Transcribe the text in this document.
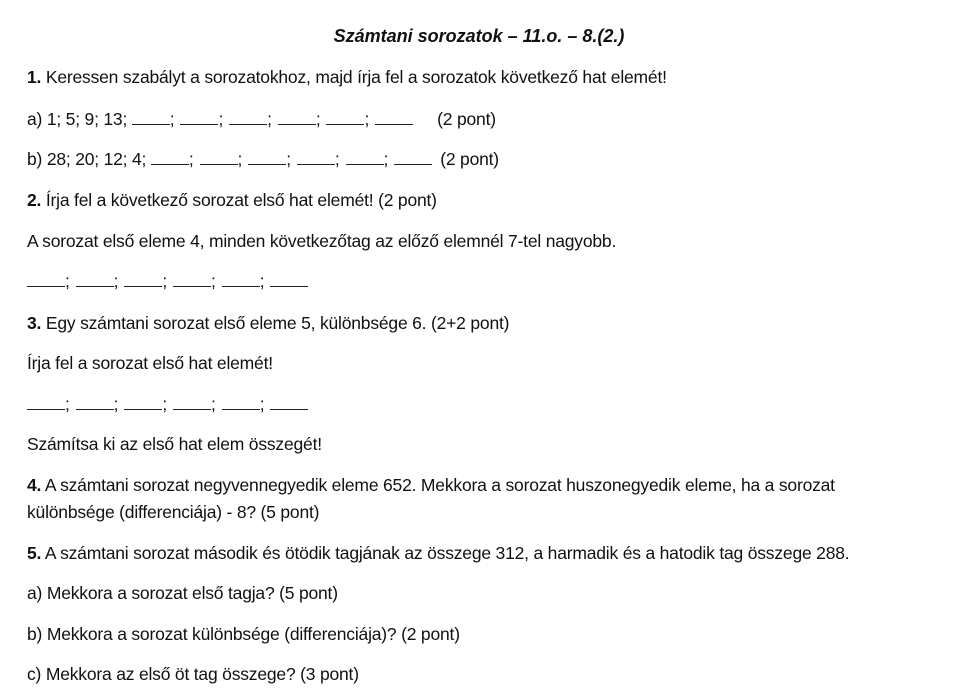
Számtani sorozatok – 11.o. – 8.(2.)
1. Keressen szabályt a sorozatokhoz, majd írja fel a sorozatok következő hat elemét!
a) 1; 5; 9; 13; ;	;	;	;	;	(2 pont)
b) 28; 20; 12; 4; ;	;	;	;	;	(2 pont)
2. Írja fel a következő sorozat első hat elemét! (2 pont)
A sorozat első eleme 4, minden következőtag az előző elemnél 7-tel nagyobb.
;	;	;	;	;
3. Egy számtani sorozat első eleme 5, különbsége 6. (2+2 pont)
Írja fel a sorozat első hat elemét!
;	;	;	;	;
Számítsa ki az első hat elem összegét!
4. A számtani sorozat negyvennegyedik eleme 652. Mekkora a sorozat huszonegyedik eleme, ha a sorozat
különbsége (differenciája) - 8? (5 pont)
5. A számtani sorozat második és ötödik tagjának az összege 312, a harmadik és a hatodik tag összege 288.
a) Mekkora a sorozat első tagja? (5 pont)
b) Mekkora a sorozat különbsége (differenciája)? (2 pont)
c) Mekkora az első öt tag összege? (3 pont)
